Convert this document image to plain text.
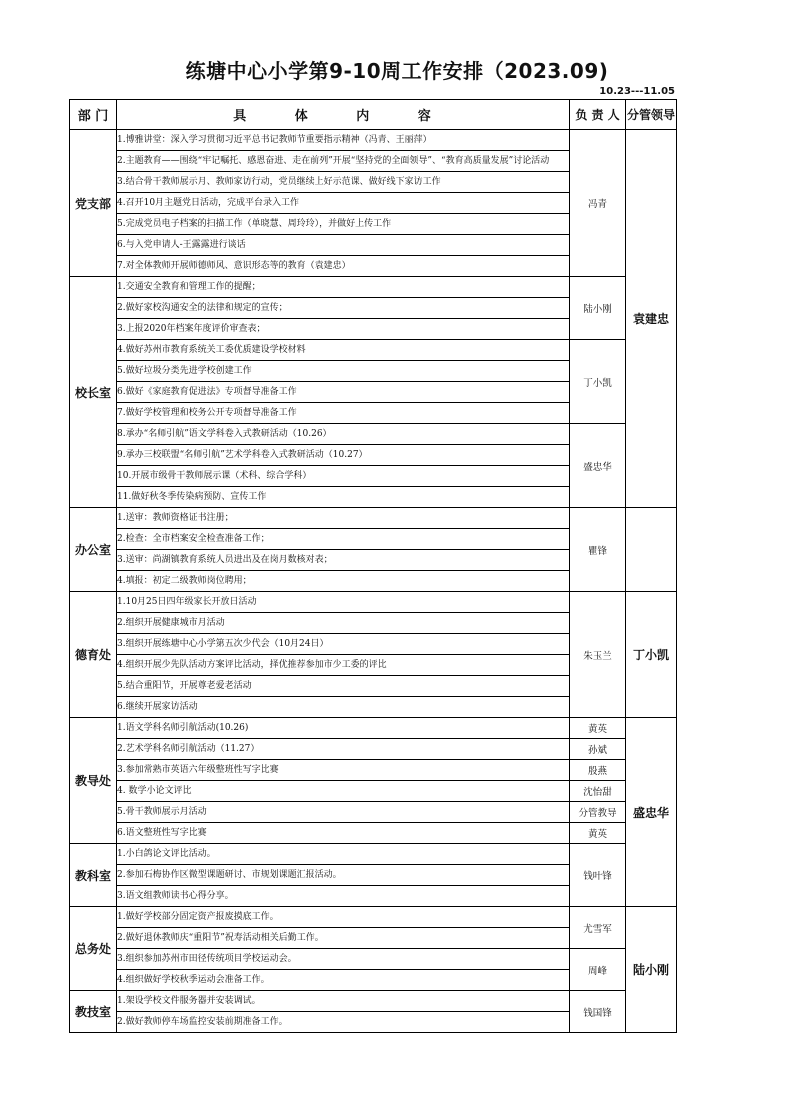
练塘中心小学第9-10周工作安排（2023.09)
10.23---11.05
部 门	具 体 内 容	负 责 人	分管领导
党支部	1.博雅讲堂：深入学习贯彻习近平总书记教师节重要指示精神（冯青、王丽萍）	冯青	袁建忠
	2.主题教育——围绕“牢记嘱托、感恩奋进、走在前列”开展“坚持党的全面领导”、“教育高质量发展”讨论活动		
	3.结合骨干教师展示月、教师家访行动，党员继续上好示范课、做好线下家访工作		
	4.召开10月主题党日活动，完成平台录入工作		
	5.完成党员电子档案的扫描工作（单晓慧、周玲玲），并做好上传工作		
	6.与入党申请人-王露露进行谈话		
	7.对全体教师开展师德师风、意识形态等的教育（袁建忠）		
校长室	1.交通安全教育和管理工作的提醒；	陆小刚	
	2.做好家校沟通安全的法律和规定的宣传；		
	3.上报2020年档案年度评价审查表；		
	4.做好苏州市教育系统关工委优质建设学校材料	丁小凯	
	5.做好垃圾分类先进学校创建工作		
	6.做好《家庭教育促进法》专项督导准备工作		
	7.做好学校管理和校务公开专项督导准备工作		
	8.承办“名师引航”语文学科卷入式教研活动（10.26）	盛忠华	
	9.承办三校联盟“名师引航”艺术学科卷入式教研活动（10.27）		
	10.开展市级骨干教师展示课（术科、综合学科）		
	11.做好秋冬季传染病预防、宣传工作		
办公室	1.送审：教师资格证书注册；	瞿锋	
	2.检查：全市档案安全检查准备工作；		
	3.送审：尚湖镇教育系统人员进出及在岗月数核对表；		
	4.填报：初定二级教师岗位聘用；		
德育处	1.10月25日四年级家长开放日活动	朱玉兰	丁小凯
	2.组织开展健康城市月活动		
	3.组织开展练塘中心小学第五次少代会（10月24日）		
	4.组织开展少先队活动方案评比活动，择优推荐参加市少工委的评比		
	5.结合重阳节，开展尊老爱老活动		
	6.继续开展家访活动		
教导处	1.语文学科名师引航活动(10.26)	黄英	盛忠华
	2.艺术学科名师引航活动（11.27）	孙斌	
	3.参加常熟市英语六年级整班性写字比赛	殷燕	
	4. 数学小论文评比	沈怡甜	
	5.骨干教师展示月活动	分管教导	
	6.语文整班性写字比赛	黄英	
教科室	1.小白鸽论文评比活动。	钱叶锋	
	2.参加石梅协作区微型课题研讨、市规划课题汇报活动。		
	3.语文组教师读书心得分享。		
总务处	1.做好学校部分固定资产报废摸底工作。	尤雪军	陆小刚
	2.做好退休教师庆“重阳节”祝寿活动相关后勤工作。		
	3.组织参加苏州市田径传统项目学校运动会。	周峰	
	4.组织做好学校秋季运动会准备工作。		
教技室	1.架设学校文件服务器并安装调试。	钱国锋	
	2.做好教师停车场监控安装前期准备工作。		
